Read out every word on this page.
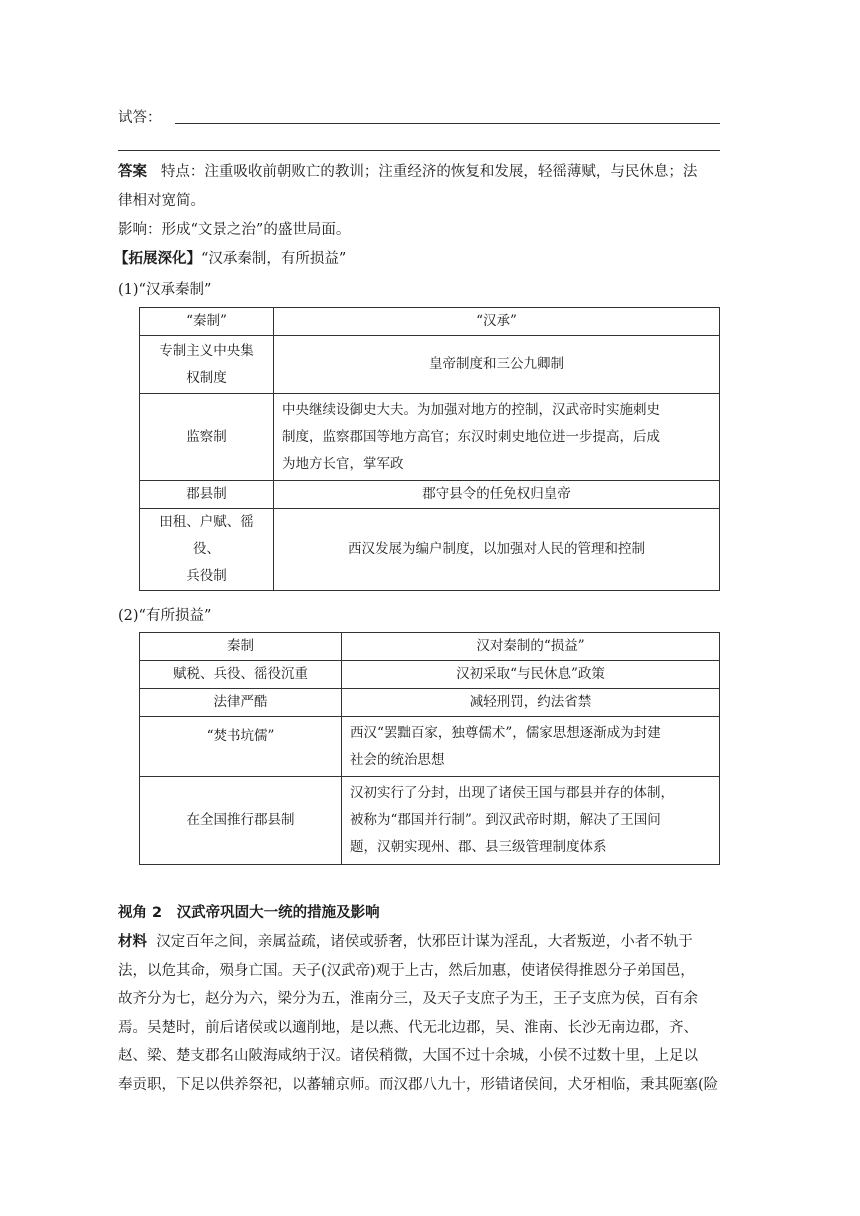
试答：
答案 特点：注重吸收前朝败亡的教训；注重经济的恢复和发展，轻徭薄赋，与民休息；法
律相对宽简。
影响：形成“文景之治”的盛世局面。
【拓展深化】“汉承秦制，有所损益”
(1)“汉承秦制”
“秦制”	“汉承”
专制主义中央集
权制度	皇帝制度和三公九卿制
监察制	中央继续设御史大夫。为加强对地方的控制，汉武帝时实施刺史
制度，监察郡国等地方高官；东汉时刺史地位进一步提高，后成
为地方长官，掌军政
郡县制	郡守县令的任免权归皇帝
田租、户赋、徭役、
兵役制	西汉发展为编户制度，以加强对人民的管理和控制
(2)“有所损益”
秦制	汉对秦制的“损益”
赋税、兵役、徭役沉重	汉初采取“与民休息”政策
法律严酷	减轻刑罚，约法省禁
“焚书坑儒”	西汉“罢黜百家，独尊儒术”，儒家思想逐渐成为封建
社会的统治思想
在全国推行郡县制	汉初实行了分封，出现了诸侯王国与郡县并存的体制，
被称为“郡国并行制”。到汉武帝时期，解决了王国问
题，汉朝实现州、郡、县三级管理制度体系
视角 2　汉武帝巩固大一统的措施及影响
材料 汉定百年之间，亲属益疏，诸侯或骄奢，忕邪臣计谋为淫乱，大者叛逆，小者不轨于
法，以危其命，殒身亡国。天子(汉武帝)观于上古，然后加惠，使诸侯得推恩分子弟国邑，
故齐分为七，赵分为六，梁分为五，淮南分三，及天子支庶子为王，王子支庶为侯，百有余
焉。吴楚时，前后诸侯或以適削地，是以燕、代无北边郡，吴、淮南、长沙无南边郡，齐、
赵、梁、楚支郡名山陂海咸纳于汉。诸侯稍微，大国不过十余城，小侯不过数十里，上足以
奉贡职，下足以供养祭祀，以蕃辅京师。而汉郡八九十，形错诸侯间，犬牙相临，秉其阨塞(险
